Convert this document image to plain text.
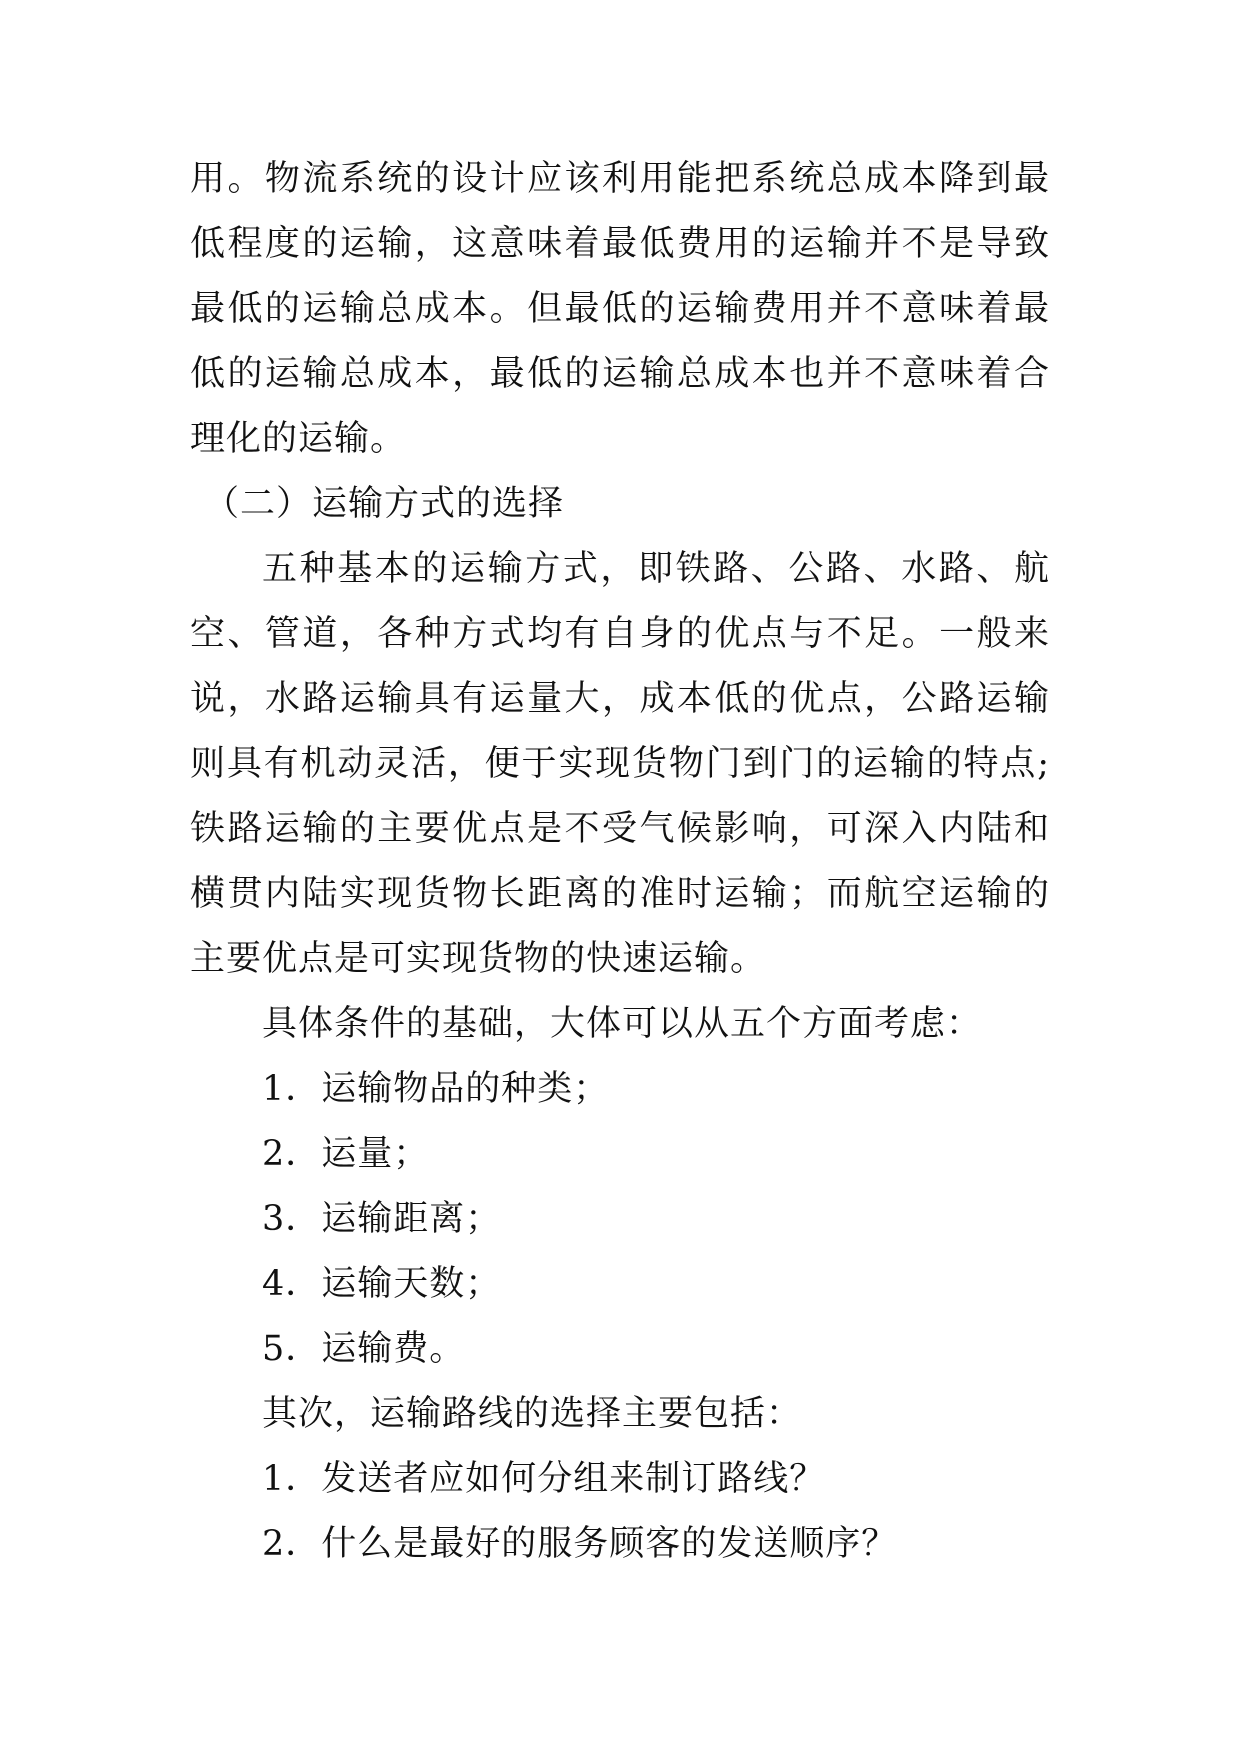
用。物流系统的设计应该利用能把系统总成本降到最低程度的运输，这意味着最低费用的运输并不是导致最低的运输总成本。但最低的运输费用并不意味着最低的运输总成本，最低的运输总成本也并不意味着合理化的运输。

（二）运输方式的选择

五种基本的运输方式，即铁路、公路、水路、航空、管道，各种方式均有自身的优点与不足。一般来说，水路运输具有运量大，成本低的优点，公路运输则具有机动灵活，便于实现货物门到门的运输的特点;铁路运输的主要优点是不受气候影响，可深入内陆和横贯内陆实现货物长距离的准时运输；而航空运输的主要优点是可实现货物的快速运输。

具体条件的基础，大体可以从五个方面考虑：

1．运输物品的种类；
2．运量；
3．运输距离；
4．运输天数；
5．运输费。

其次，运输路线的选择主要包括：

1．发送者应如何分组来制订路线？
2．什么是最好的服务顾客的发送顺序？
